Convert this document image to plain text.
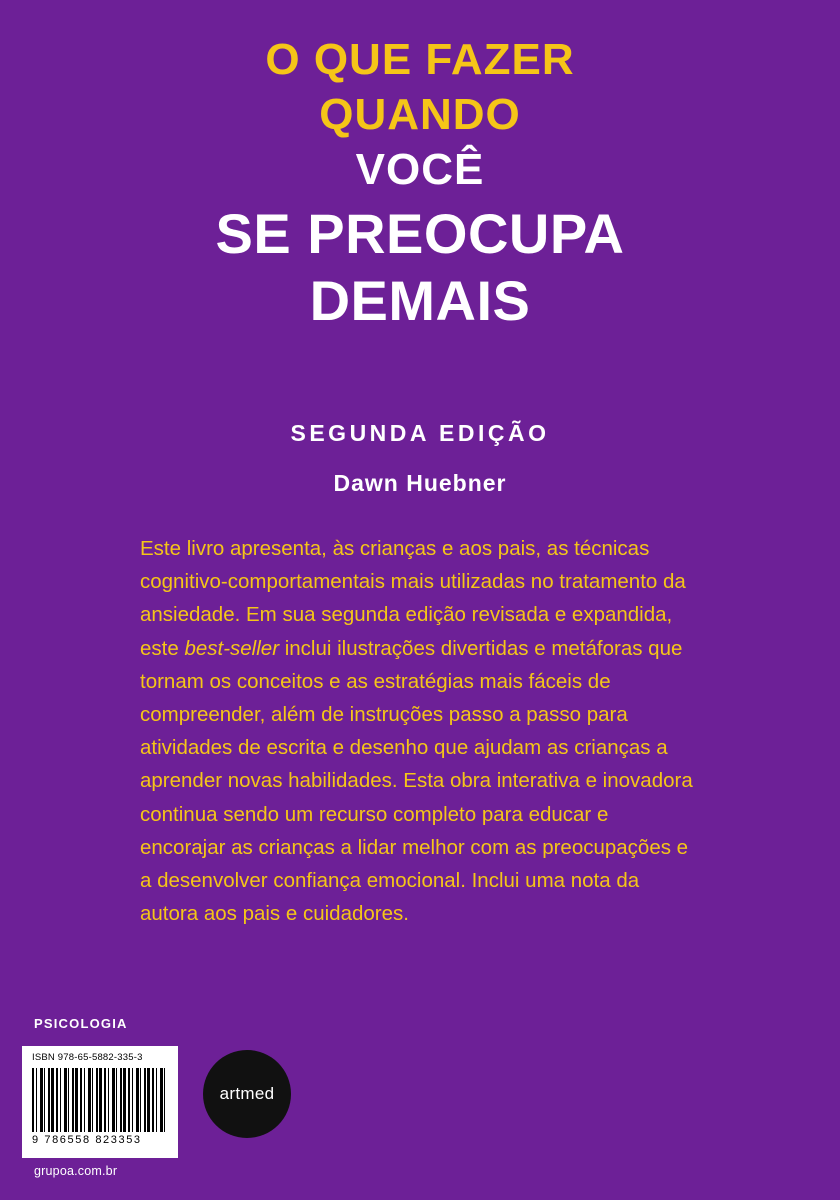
O QUE FAZER
QUANDO
VOCÊ
SE PREOCUPA
DEMAIS
SEGUNDA EDIÇÃO
Dawn Huebner
Este livro apresenta, às crianças e aos pais, as técnicas cognitivo-comportamentais mais utilizadas no tratamento da ansiedade. Em sua segunda edição revisada e expandida, este best-seller inclui ilustrações divertidas e metáforas que tornam os conceitos e as estratégias mais fáceis de compreender, além de instruções passo a passo para atividades de escrita e desenho que ajudam as crianças a aprender novas habilidades. Esta obra interativa e inovadora continua sendo um recurso completo para educar e encorajar as crianças a lidar melhor com as preocupações e a desenvolver confiança emocional. Inclui uma nota da autora aos pais e cuidadores.
PSICOLOGIA
ISBN 978-65-5882-335-3
9 786558 823353
grupoa.com.br
artmed
